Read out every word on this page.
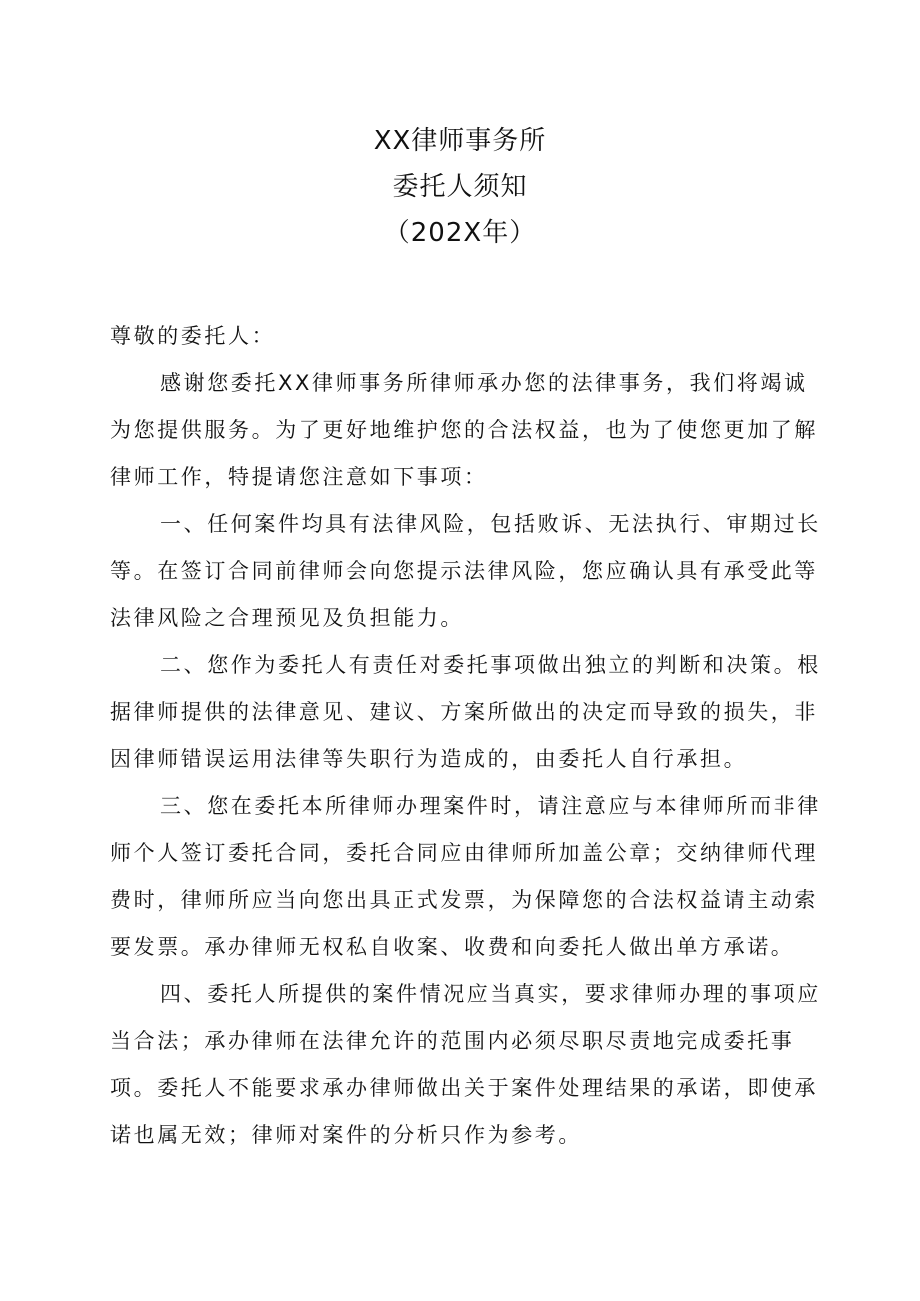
XX律师事务所
委托人须知
（202X年）

尊敬的委托人：

感谢您委托XX律师事务所律师承办您的法律事务，我们将竭诚为您提供服务。为了更好地维护您的合法权益，也为了使您更加了解律师工作，特提请您注意如下事项：

一、任何案件均具有法律风险，包括败诉、无法执行、审期过长等。在签订合同前律师会向您提示法律风险，您应确认具有承受此等法律风险之合理预见及负担能力。

二、您作为委托人有责任对委托事项做出独立的判断和决策。根据律师提供的法律意见、建议、方案所做出的决定而导致的损失，非因律师错误运用法律等失职行为造成的，由委托人自行承担。

三、您在委托本所律师办理案件时，请注意应与本律师所而非律师个人签订委托合同，委托合同应由律师所加盖公章；交纳律师代理费时，律师所应当向您出具正式发票，为保障您的合法权益请主动索要发票。承办律师无权私自收案、收费和向委托人做出单方承诺。

四、委托人所提供的案件情况应当真实，要求律师办理的事项应当合法；承办律师在法律允许的范围内必须尽职尽责地完成委托事项。委托人不能要求承办律师做出关于案件处理结果的承诺，即使承诺也属无效；律师对案件的分析只作为参考。
